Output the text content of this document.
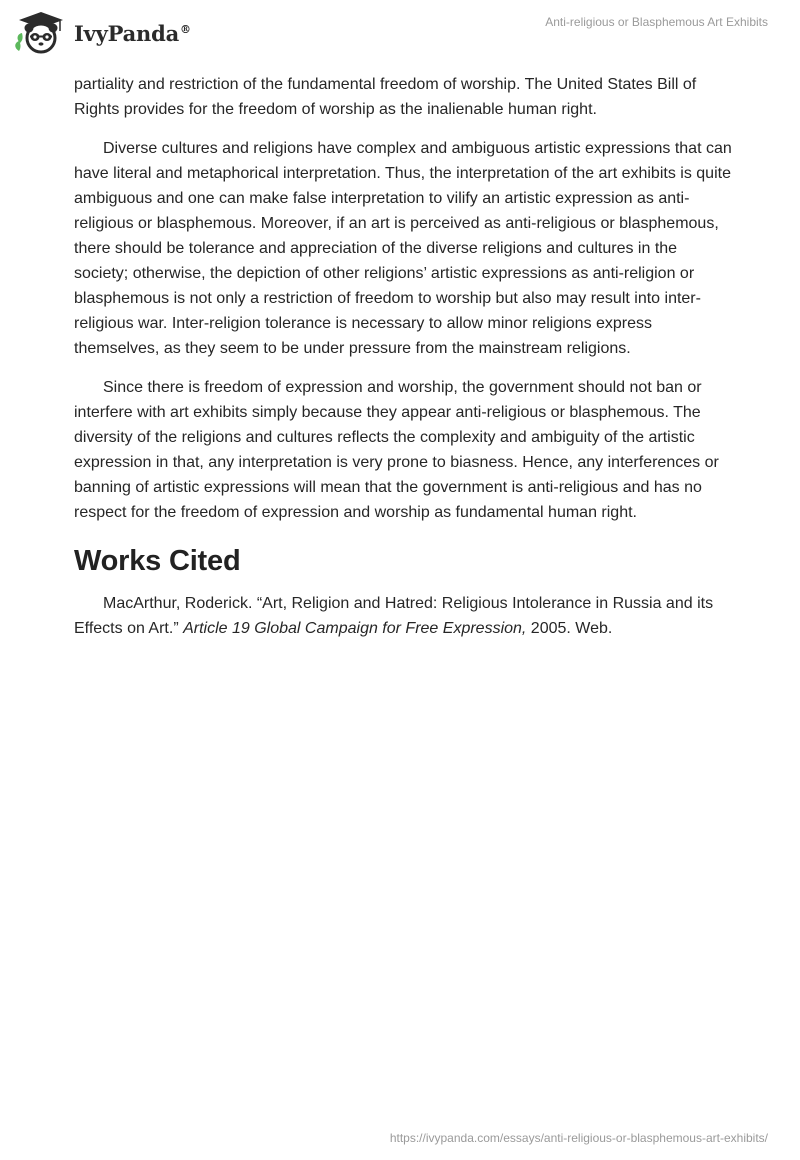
IvyPanda®	Anti-religious or Blasphemous Art Exhibits

partiality and restriction of the fundamental freedom of worship. The United States Bill of Rights provides for the freedom of worship as the inalienable human right.

Diverse cultures and religions have complex and ambiguous artistic expressions that can have literal and metaphorical interpretation. Thus, the interpretation of the art exhibits is quite ambiguous and one can make false interpretation to vilify an artistic expression as anti-religious or blasphemous. Moreover, if an art is perceived as anti-religious or blasphemous, there should be tolerance and appreciation of the diverse religions and cultures in the society; otherwise, the depiction of other religions’ artistic expressions as anti-religion or blasphemous is not only a restriction of freedom to worship but also may result into inter-religious war. Inter-religion tolerance is necessary to allow minor religions express themselves, as they seem to be under pressure from the mainstream religions.

Since there is freedom of expression and worship, the government should not ban or interfere with art exhibits simply because they appear anti-religious or blasphemous. The diversity of the religions and cultures reflects the complexity and ambiguity of the artistic expression in that, any interpretation is very prone to biasness. Hence, any interferences or banning of artistic expressions will mean that the government is anti-religious and has no respect for the freedom of expression and worship as fundamental human right.

Works Cited

MacArthur, Roderick. “Art, Religion and Hatred: Religious Intolerance in Russia and its Effects on Art.” Article 19 Global Campaign for Free Expression, 2005. Web.

https://ivypanda.com/essays/anti-religious-or-blasphemous-art-exhibits/
